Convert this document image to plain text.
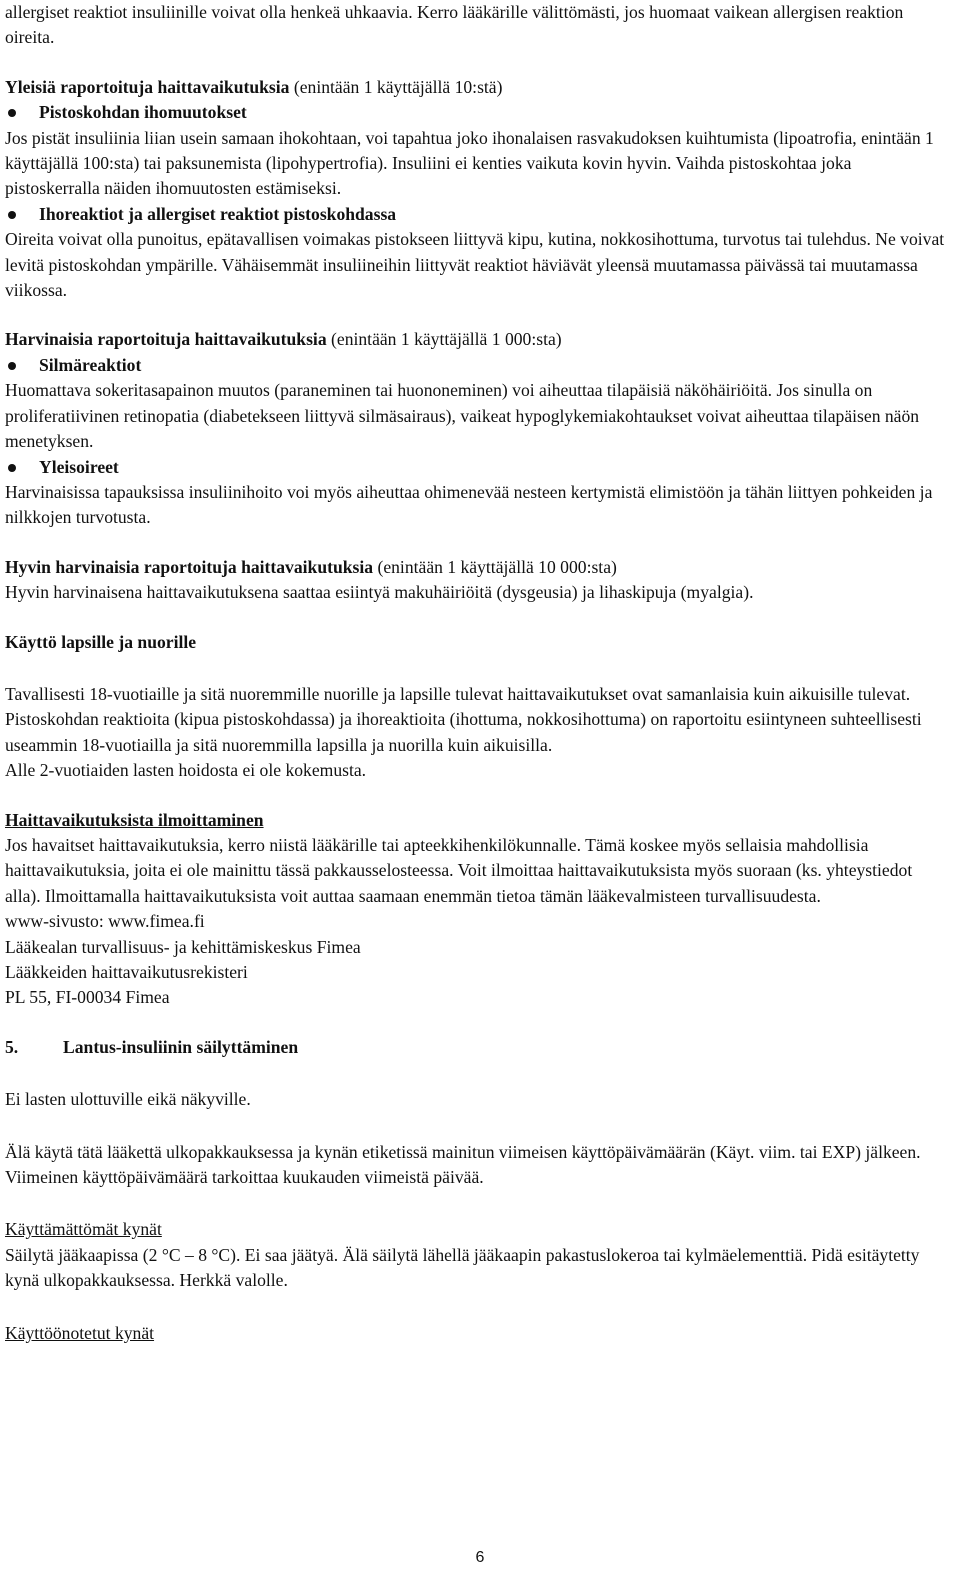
allergiset reaktiot insuliinille voivat olla henkeä uhkaavia. Kerro lääkärille välittömästi, jos huomaat vaikean allergisen reaktion oireita.

Yleisiä raportoituja haittavaikutuksia (enintään 1 käyttäjällä 10:stä)

Pistoskohdan ihomuutokset

Jos pistät insuliinia liian usein samaan ihokohtaan, voi tapahtua joko ihonalaisen rasvakudoksen kuihtumista (lipoatrofia, enintään 1 käyttäjällä 100:sta) tai paksunemista (lipohypertrofia). Insuliini ei kenties vaikuta kovin hyvin. Vaihda pistoskohtaa joka pistoskerralla näiden ihomuutosten estämiseksi.

Ihoreaktiot ja allergiset reaktiot pistoskohdassa

Oireita voivat olla punoitus, epätavallisen voimakas pistokseen liittyvä kipu, kutina, nokkosihottuma, turvotus tai tulehdus. Ne voivat levitä pistoskohdan ympärille. Vähäisemmät insuliineihin liittyvät reaktiot häviävät yleensä muutamassa päivässä tai muutamassa viikossa.

Harvinaisia raportoituja haittavaikutuksia (enintään 1 käyttäjällä 1 000:sta)

Silmäreaktiot

Huomattava sokeritasapainon muutos (paraneminen tai huononeminen) voi aiheuttaa tilapäisiä näköhäiriöitä. Jos sinulla on proliferatiivinen retinopatia (diabetekseen liittyvä silmäsairaus), vaikeat hypoglykemiakohtaukset voivat aiheuttaa tilapäisen näön menetyksen.

Yleisoireet

Harvinaisissa tapauksissa insuliinihoito voi myös aiheuttaa ohimenevää nesteen kertymistä elimistöön ja tähän liittyen pohkeiden ja nilkkojen turvotusta.

Hyvin harvinaisia raportoituja haittavaikutuksia (enintään 1 käyttäjällä 10 000:sta)

Hyvin harvinaisena haittavaikutuksena saattaa esiintyä makuhäiriöitä (dysgeusia) ja lihaskipuja (myalgia).

Käyttö lapsille ja nuorille

Tavallisesti 18-vuotiaille ja sitä nuoremmille nuorille ja lapsille tulevat haittavaikutukset ovat samanlaisia kuin aikuisille tulevat. Pistoskohdan reaktioita (kipua pistoskohdassa) ja ihoreaktioita (ihottuma, nokkosihottuma) on raportoitu esiintyneen suhteellisesti useammin 18-vuotiailla ja sitä nuoremmilla lapsilla ja nuorilla kuin aikuisilla.

Alle 2-vuotiaiden lasten hoidosta ei ole kokemusta.

Haittavaikutuksista ilmoittaminen

Jos havaitset haittavaikutuksia, kerro niistä lääkärille tai apteekkihenkilökunnalle. Tämä koskee myös sellaisia mahdollisia haittavaikutuksia, joita ei ole mainittu tässä pakkausselosteessa. Voit ilmoittaa haittavaikutuksista myös suoraan (ks. yhteystiedot alla). Ilmoittamalla haittavaikutuksista voit auttaa saamaan enemmän tietoa tämän lääkevalmisteen turvallisuudesta.

www-sivusto: www.fimea.fi

Lääkealan turvallisuus- ja kehittämiskeskus Fimea

Lääkkeiden haittavaikutusrekisteri

PL 55, FI-00034 Fimea

5.	Lantus-insuliinin säilyttäminen

Ei lasten ulottuville eikä näkyville.

Älä käytä tätä lääkettä ulkopakkauksessa ja kynän etiketissä mainitun viimeisen käyttöpäivämäärän (Käyt. viim. tai EXP) jälkeen. Viimeinen käyttöpäivämäärä tarkoittaa kuukauden viimeistä päivää.

Käyttämättömät kynät

Säilytä jääkaapissa (2 °C – 8 °C). Ei saa jäätyä. Älä säilytä lähellä jääkaapin pakastuslokeroa tai kylmäelementtiä. Pidä esitäytetty kynä ulkopakkauksessa. Herkkä valolle.

Käyttöönotetut kynät

6
